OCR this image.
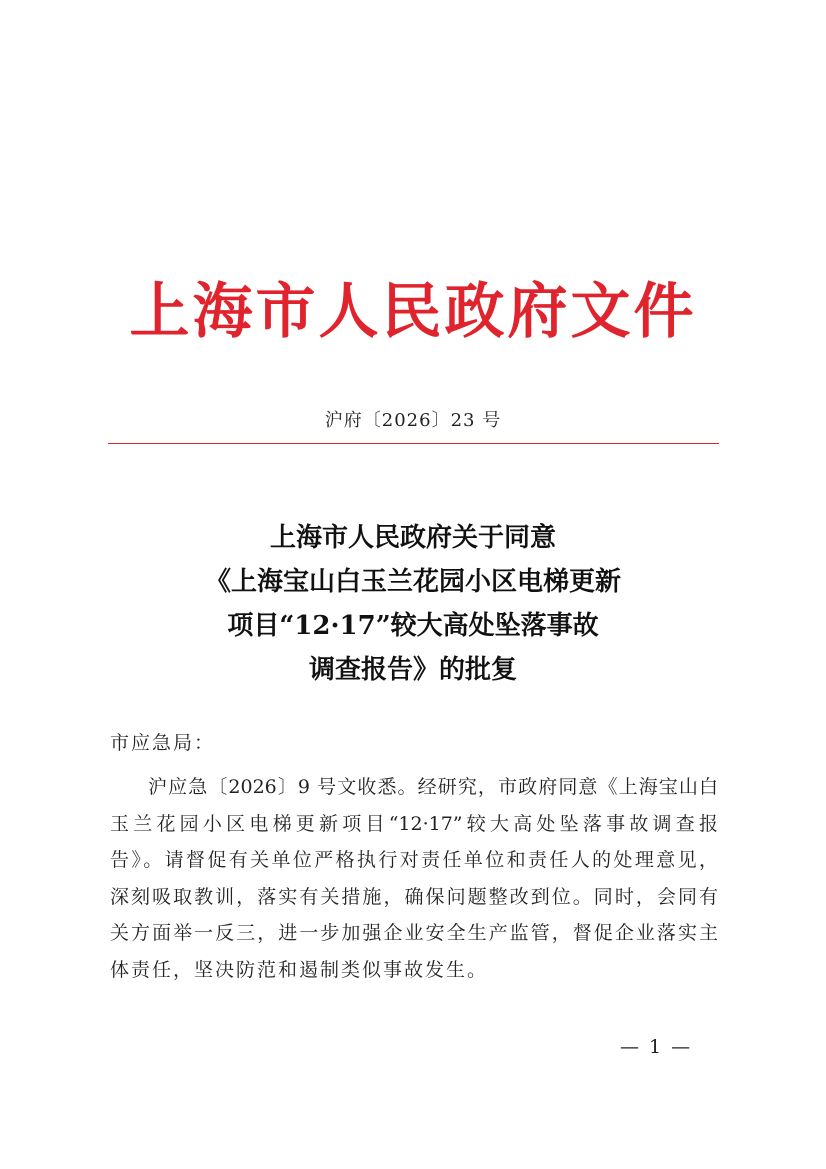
上海市人民政府文件
沪府〔2026〕23 号
上海市人民政府关于同意
《上海宝山白玉兰花园小区电梯更新
项目“12·17”较大高处坠落事故
调查报告》的批复
市应急局：
沪应急〔2026〕9 号文收悉。经研究，市政府同意《上海宝山白
玉兰花园小区电梯更新项目“12·17”较大高处坠落事故调查报
告》。请督促有关单位严格执行对责任单位和责任人的处理意见，
深刻吸取教训，落实有关措施，确保问题整改到位。同时，会同有
关方面举一反三，进一步加强企业安全生产监管，督促企业落实主
体责任，坚决防范和遏制类似事故发生。
— 1 —
